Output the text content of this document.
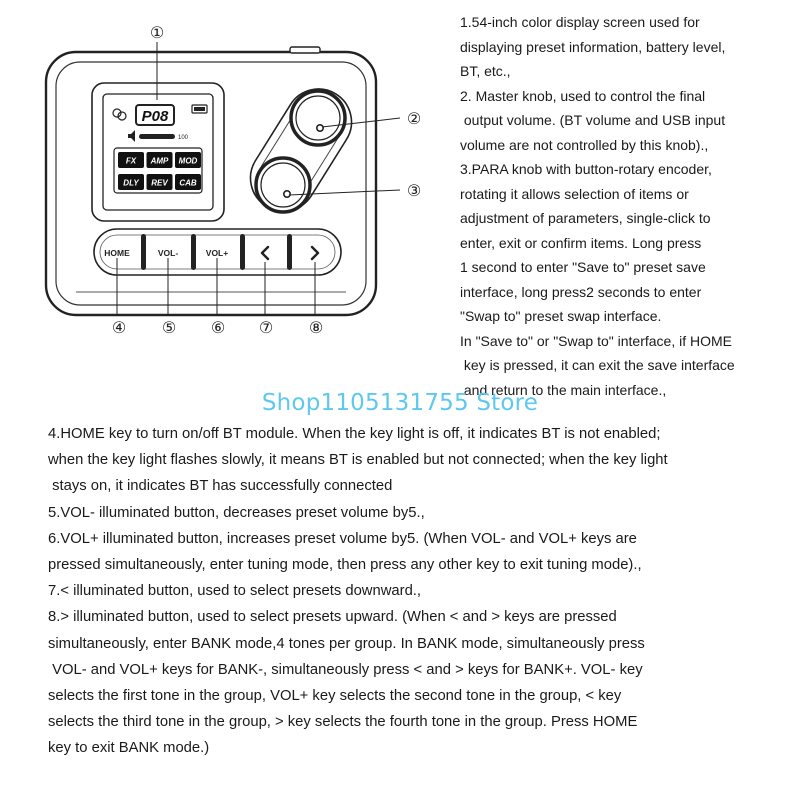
P08
100
FX AMP MOD
DLY REV CAB
HOME	VOL-	VOL+
①
②
③
④ ⑤ ⑥ ⑦ ⑧
1.54-inch color display screen used for
displaying preset information, battery level,
BT, etc.,
2. Master knob, used to control the final
output volume. (BT volume and USB input
volume are not controlled by this knob).,
3.PARA knob with button-rotary encoder,
rotating it allows selection of items or
adjustment of parameters, single-click to
enter, exit or confirm items. Long press
1 second to enter "Save to" preset save
interface, long press2 seconds to enter
"Swap to" preset swap interface.
In "Save to" or "Swap to" interface, if HOME
key is pressed, it can exit the save interface
and return to the main interface.,
Shop1105131755 Store
4.HOME key to turn on/off BT module. When the key light is off, it indicates BT is not enabled;
when the key light flashes slowly, it means BT is enabled but not connected; when the key light
stays on, it indicates BT has successfully connected
5.VOL- illuminated button, decreases preset volume by5.,
6.VOL+ illuminated button, increases preset volume by5. (When VOL- and VOL+ keys are
pressed simultaneously, enter tuning mode, then press any other key to exit tuning mode).,
7.< illuminated button, used to select presets downward.,
8.> illuminated button, used to select presets upward. (When < and > keys are pressed
simultaneously, enter BANK mode,4 tones per group. In BANK mode, simultaneously press
VOL- and VOL+ keys for BANK-, simultaneously press < and > keys for BANK+. VOL- key
selects the first tone in the group, VOL+ key selects the second tone in the group, < key
selects the third tone in the group, > key selects the fourth tone in the group. Press HOME
key to exit BANK mode.)
